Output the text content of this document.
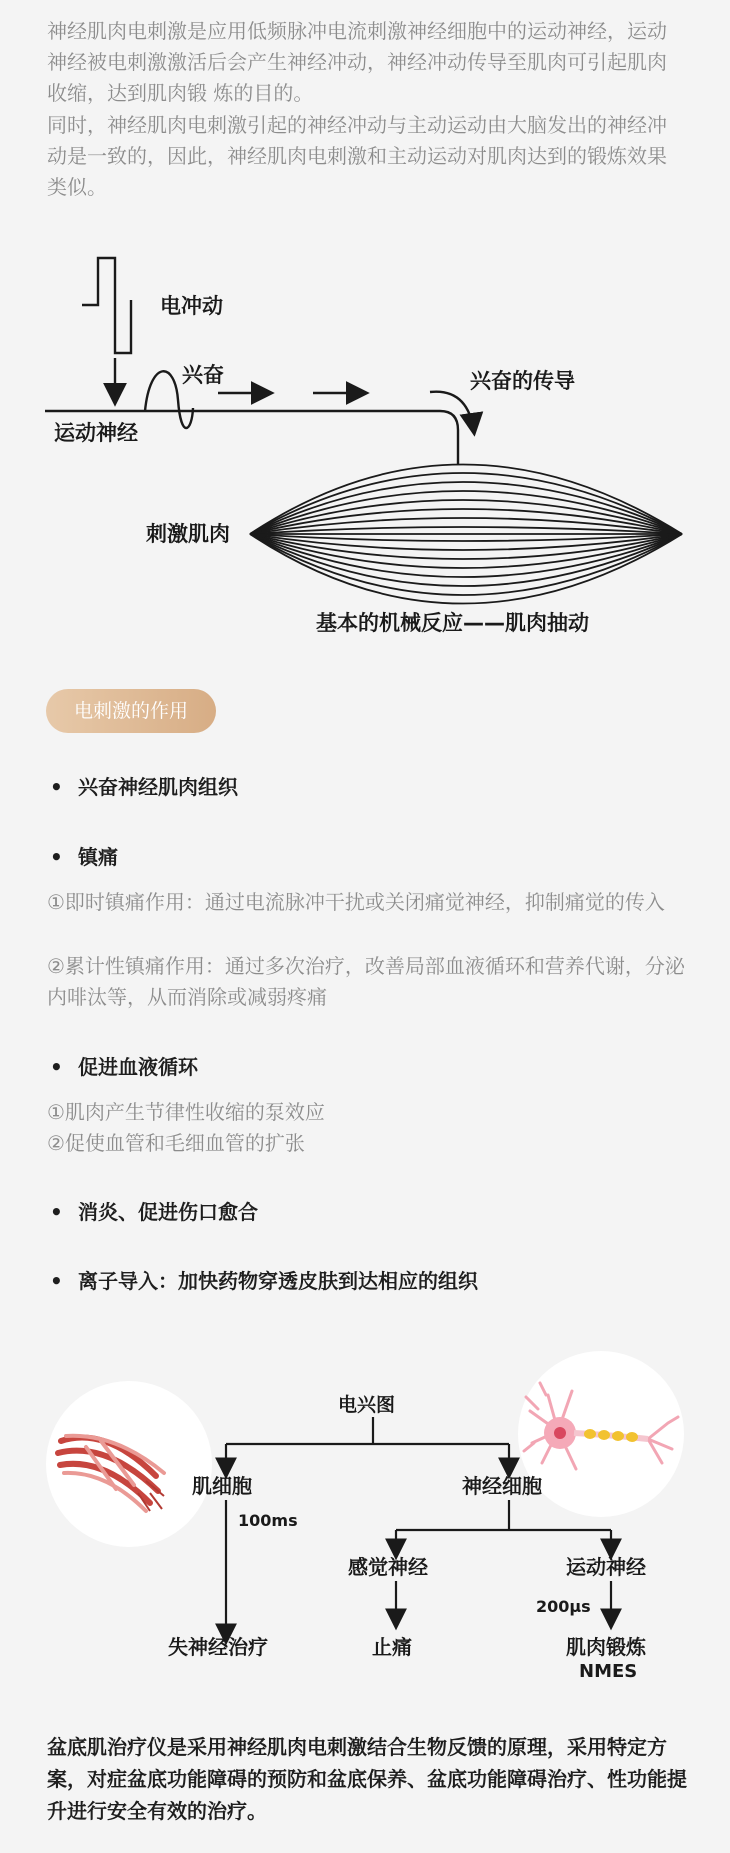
神经肌肉电刺激是应用低频脉冲电流刺激神经细胞中的运动神经，运动神经被电刺激激活后会产生神经冲动，神经冲动传导至肌肉可引起肌肉收缩，达到肌肉锻 炼的目的。
同时，神经肌肉电刺激引起的神经冲动与主动运动由大脑发出的神经冲动是一致的，因此，神经肌肉电刺激和主动运动对肌肉达到的锻炼效果类似。
电冲动
兴奋	兴奋的传导
运动神经
刺激肌肉
基本的机械反应——肌肉抽动
电刺激的作用
• 兴奋神经肌肉组织
• 镇痛
①即时镇痛作用：通过电流脉冲干扰或关闭痛觉神经，抑制痛觉的传入
②累计性镇痛作用：通过多次治疗，改善局部血液循环和营养代谢，分泌内啡汰等，从而消除或减弱疼痛
• 促进血液循环
①肌肉产生节律性收缩的泵效应
②促使血管和毛细血管的扩张
• 消炎、促进伤口愈合
• 离子导入：加快药物穿透皮肤到达相应的组织
电兴图
肌细胞	神经细胞
100ms
感觉神经	运动神经
200μs
失神经治疗	止痛	肌肉锻炼
NMES
盆底肌治疗仪是采用神经肌肉电刺激结合生物反馈的原理，采用特定方案，对症盆底功能障碍的预防和盆底保养、盆底功能障碍治疗、性功能提升进行安全有效的治疗。
